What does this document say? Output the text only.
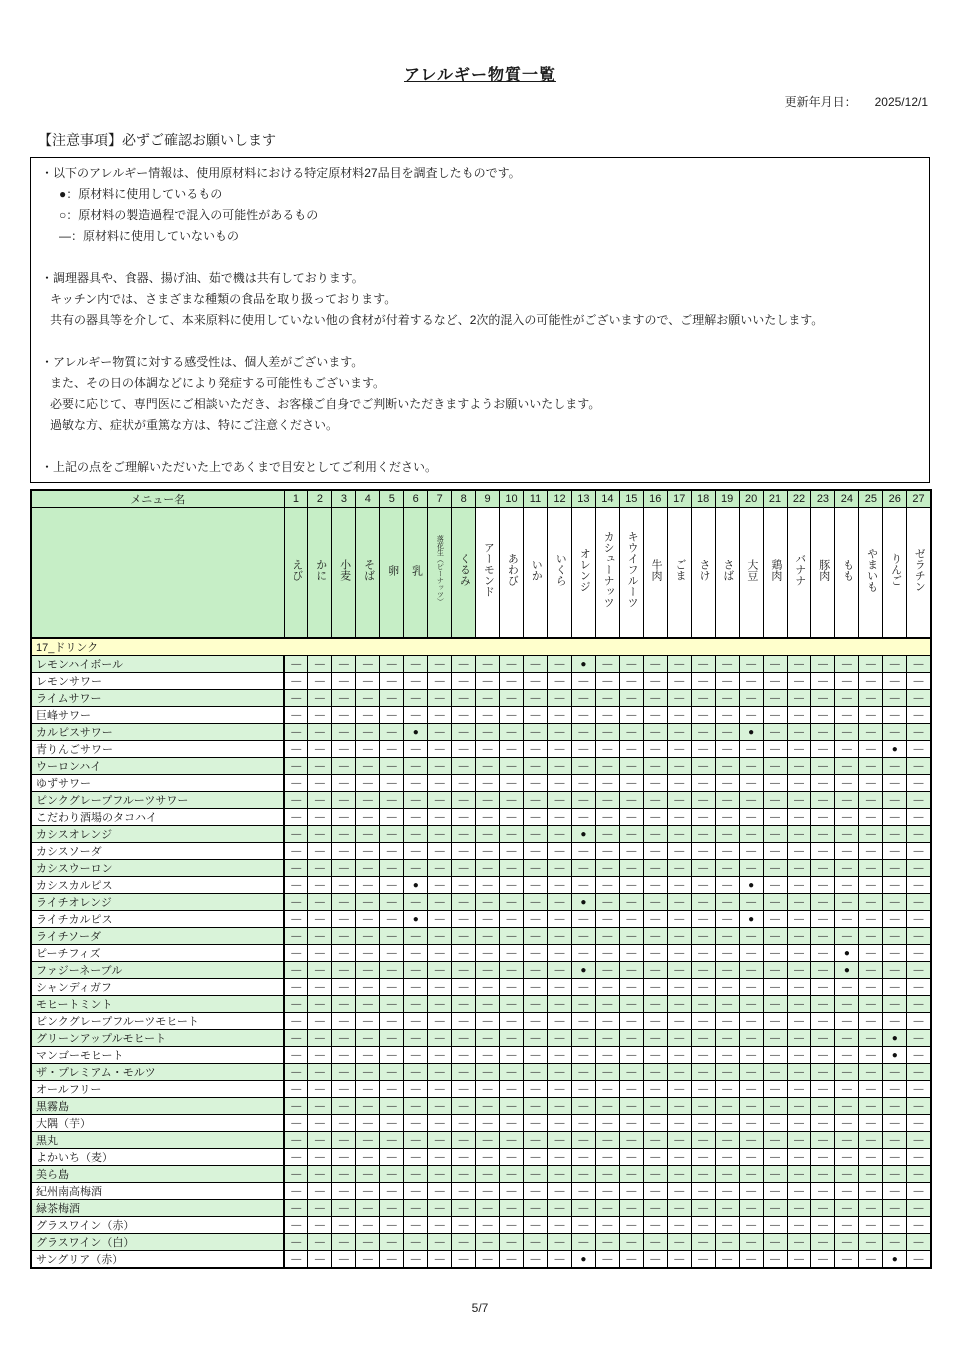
アレルギー物質一覧
更新年月日： 2025/12/1
【注意事項】必ずご確認お願いします
・以下のアレルギー情報は、使用原材料における特定原材料27品目を調査したものです。
●：原材料に使用しているもの
○：原材料の製造過程で混入の可能性があるもの
―：原材料に使用していないもの

・調理器具や、食器、揚げ油、茹で機は共有しております。
キッチン内では、さまざまな種類の食品を取り扱っております。
共有の器具等を介して、本来原料に使用していない他の食材が付着するなど、2次的混入の可能性がございますので、ご理解お願いいたします。

・アレルギー物質に対する感受性は、個人差がございます。
また、その日の体調などにより発症する可能性もございます。
必要に応じて、専門医にご相談いただき、お客様ご自身でご判断いただきますようお願いいたします。
過敏な方、症状が重篤な方は、特にご注意ください。

・上記の点をご理解いただいた上であくまで目安としてご利用ください。
メニュー名	1	2	3	4	5	6	7	8	9	10	11	12	13	14	15	16	17	18	19	20	21	22	23	24	25	26	27
	えび	かに	小麦	そば	卵	乳	落花生（ピーナッツ）	くるみ	アーモンド	あわび	いか	いくら	オレンジ	カシューナッツ	キウイフルーツ	牛肉	ごま	さけ	さば	大豆	鶏肉	バナナ	豚肉	もも	やまいも	りんご	ゼラチン
17_ドリンク																											
レモンハイボール	―	―	―	―	―	―	―	―	―	―	―	―	●	―	―	―	―	―	―	―	―	―	―	―	―	―	―
レモンサワー	―	―	―	―	―	―	―	―	―	―	―	―	―	―	―	―	―	―	―	―	―	―	―	―	―	―	―
ライムサワー	―	―	―	―	―	―	―	―	―	―	―	―	―	―	―	―	―	―	―	―	―	―	―	―	―	―	―
巨峰サワー	―	―	―	―	―	―	―	―	―	―	―	―	―	―	―	―	―	―	―	―	―	―	―	―	―	―	―
カルピスサワー	―	―	―	―	―	●	―	―	―	―	―	―	―	―	―	―	―	―	―	●	―	―	―	―	―	―	―
青りんごサワー	―	―	―	―	―	―	―	―	―	―	―	―	―	―	―	―	―	―	―	―	―	―	―	―	―	●	―
ウーロンハイ	―	―	―	―	―	―	―	―	―	―	―	―	―	―	―	―	―	―	―	―	―	―	―	―	―	―	―
ゆずサワー	―	―	―	―	―	―	―	―	―	―	―	―	―	―	―	―	―	―	―	―	―	―	―	―	―	―	―
ピンクグレープフルーツサワー	―	―	―	―	―	―	―	―	―	―	―	―	―	―	―	―	―	―	―	―	―	―	―	―	―	―	―
こだわり酒場のタコハイ	―	―	―	―	―	―	―	―	―	―	―	―	―	―	―	―	―	―	―	―	―	―	―	―	―	―	―
カシスオレンジ	―	―	―	―	―	―	―	―	―	―	―	―	●	―	―	―	―	―	―	―	―	―	―	―	―	―	―
カシスソーダ	―	―	―	―	―	―	―	―	―	―	―	―	―	―	―	―	―	―	―	―	―	―	―	―	―	―	―
カシスウーロン	―	―	―	―	―	―	―	―	―	―	―	―	―	―	―	―	―	―	―	―	―	―	―	―	―	―	―
カシスカルピス	―	―	―	―	―	●	―	―	―	―	―	―	―	―	―	―	―	―	―	●	―	―	―	―	―	―	―
ライチオレンジ	―	―	―	―	―	―	―	―	―	―	―	―	●	―	―	―	―	―	―	―	―	―	―	―	―	―	―
ライチカルピス	―	―	―	―	―	●	―	―	―	―	―	―	―	―	―	―	―	―	―	●	―	―	―	―	―	―	―
ライチソーダ	―	―	―	―	―	―	―	―	―	―	―	―	―	―	―	―	―	―	―	―	―	―	―	―	―	―	―
ピーチフィズ	―	―	―	―	―	―	―	―	―	―	―	―	―	―	―	―	―	―	―	―	―	―	―	●	―	―	―
ファジーネーブル	―	―	―	―	―	―	―	―	―	―	―	―	●	―	―	―	―	―	―	―	―	―	―	●	―	―	―
シャンディガフ	―	―	―	―	―	―	―	―	―	―	―	―	―	―	―	―	―	―	―	―	―	―	―	―	―	―	―
モヒートミント	―	―	―	―	―	―	―	―	―	―	―	―	―	―	―	―	―	―	―	―	―	―	―	―	―	―	―
ピンクグレープフルーツモヒート	―	―	―	―	―	―	―	―	―	―	―	―	―	―	―	―	―	―	―	―	―	―	―	―	―	―	―
グリーンアップルモヒート	―	―	―	―	―	―	―	―	―	―	―	―	―	―	―	―	―	―	―	―	―	―	―	―	―	●	―
マンゴーモヒート	―	―	―	―	―	―	―	―	―	―	―	―	―	―	―	―	―	―	―	―	―	―	―	―	―	●	―
ザ・プレミアム・モルツ	―	―	―	―	―	―	―	―	―	―	―	―	―	―	―	―	―	―	―	―	―	―	―	―	―	―	―
オールフリー	―	―	―	―	―	―	―	―	―	―	―	―	―	―	―	―	―	―	―	―	―	―	―	―	―	―	―
黒霧島	―	―	―	―	―	―	―	―	―	―	―	―	―	―	―	―	―	―	―	―	―	―	―	―	―	―	―
大隅（芋）	―	―	―	―	―	―	―	―	―	―	―	―	―	―	―	―	―	―	―	―	―	―	―	―	―	―	―
黒丸	―	―	―	―	―	―	―	―	―	―	―	―	―	―	―	―	―	―	―	―	―	―	―	―	―	―	―
よかいち（麦）	―	―	―	―	―	―	―	―	―	―	―	―	―	―	―	―	―	―	―	―	―	―	―	―	―	―	―
美ら島	―	―	―	―	―	―	―	―	―	―	―	―	―	―	―	―	―	―	―	―	―	―	―	―	―	―	―
紀州南高梅酒	―	―	―	―	―	―	―	―	―	―	―	―	―	―	―	―	―	―	―	―	―	―	―	―	―	―	―
緑茶梅酒	―	―	―	―	―	―	―	―	―	―	―	―	―	―	―	―	―	―	―	―	―	―	―	―	―	―	―
グラスワイン（赤）	―	―	―	―	―	―	―	―	―	―	―	―	―	―	―	―	―	―	―	―	―	―	―	―	―	―	―
グラスワイン（白）	―	―	―	―	―	―	―	―	―	―	―	―	―	―	―	―	―	―	―	―	―	―	―	―	―	―	―
サングリア（赤）	―	―	―	―	―	―	―	―	―	―	―	―	●	―	―	―	―	―	―	―	―	―	―	―	―	●	―
5/7
